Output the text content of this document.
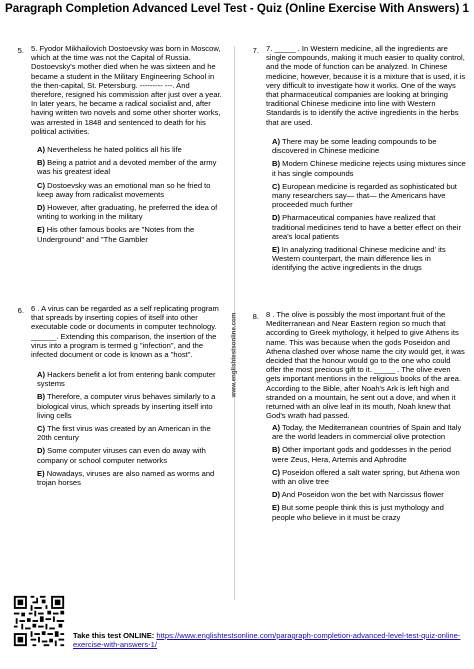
Paragraph Completion Advanced Level Test - Quiz (Online Exercise With Answers) 1
www.englishtestsonline.com
5. 5. Fyodor Mikhailovich Dostoevsky was born in Moscow, which at the time was not the Capital of Russia. Dostoevsky's mother died when he was sixteen and he became a student in the Military Engineering School in the then-capital, St. Petersburg. --------- ---. And therefore, resigned his commission after just over a year. In later years, he became a radical socialist and, after having written two novels and some other shorter works, was arrested in 1848 and sentenced to death for his political activities.
A) Nevertheless he hated politics all his life
B) Being a patriot and a devoted member of the army was his greatest ideal
C) Dostoevsky was an emotional man so he fried to keep away from radicalist movements
D) However, after graduating, he preferred the idea of writing to working in the military
E) His other famous books are "Notes from the Underground" and "The Gambler
6. 6 . A virus can be regarded as a self replicating program that spreads by inserting copies of itself into other executable code or documents in computer technology. ______. Extending this comparison, the insertion of the virus into a program is termed g "infection", and the infected document or code is known as a "host".
A) Hackers benefit a lot from entering bank computer systems
B) Therefore, a computer virus behaves similarly to a biological virus, which spreads by inserting itself into living cells
C) The first virus was created by an American in the 20th century
D) Some computer viruses can even do away with company or school computer networks
E) Nowadays, viruses are also named as worms and trojan horses
7. 7. _____ . In Western medicine, all the ingredients are single compounds, making it much easier to quality control, and the mode of function can be analyzed. In Chinese medicine, however, because it is a mixture that is used, it is very difficult to investigate how it works. One of the ways that pharmaceutical companies are looking at bringing traditional Chinese medicine into line with Western Standards is to identify the active ingredients in the herbs that are used.
A) There may be some leading compounds to be discovered in Chinese medicine
B) Modern Chinese medicine rejects using mixtures since it has single compounds
C) European medicine is regarded as sophisticated but many researchers say— that— the Americans have proceeded much further
D) Pharmaceutical companies have realized that traditional medicines tend to have a better effect on their area's local patients
E) In analyzing traditional Chinese medicine and' its Western counterpart, the main difference lies in identifying the active ingredients in the drugs
8. 8 . The olive is possibly the most important fruit of the Mediterranean and Near Eastern region so much that according to Greek mythology, it helped to give Athens its name. This was because when the gods Poseidon and Athena clashed over whose name the city would get, it was decided that the honour would go to the one who could offer the most precious gift to it. _____ . The olive even gets important mentions in the religious books of the area. According to the Bible, after Noah's Ark is left high and stranded on a mountain, he sent out a dove, and when it returned with an olive leaf in its mouth, Noah knew that God's wrath had passed.
A) Today, the Mediterranean countries of Spain and Italy are the world leaders in commercial olive protection
B) Other important gods and goddesses in the period were Zeus, Hera, Artemis and Aphrodite
C) Poseidon offered a salt water spring, but Athena won with an olive tree
D) And Poseidon won the bet with Narcissus flower
E) But some people think this is just mythology and people who believe in it must be crazy
Take this test ONLINE: https://www.englishtestsonline.com/paragraph-completion-advanced-level-test-quiz-online-exercise-with-answers-1/
